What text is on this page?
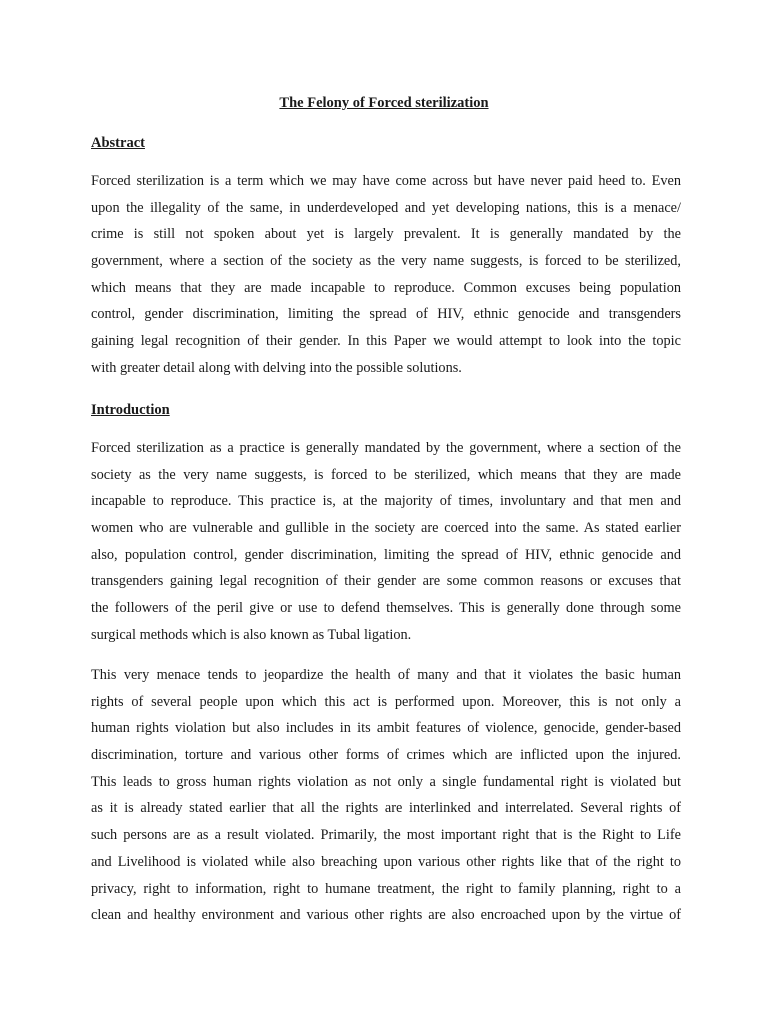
The Felony of Forced sterilization
Abstract
Forced sterilization is a term which we may have come across but have never paid heed to. Even
upon the illegality of the same, in underdeveloped and yet developing nations, this is a menace/
crime is still not spoken about yet is largely prevalent. It is generally mandated by the
government, where a section of the society as the very name suggests, is forced to be sterilized,
which means that they are made incapable to reproduce. Common excuses being population
control, gender discrimination, limiting the spread of HIV, ethnic genocide and transgenders
gaining legal recognition of their gender. In this Paper we would attempt to look into the topic
with greater detail along with delving into the possible solutions.
Introduction
Forced sterilization as a practice is generally mandated by the government, where a section of the
society as the very name suggests, is forced to be sterilized, which means that they are made
incapable to reproduce. This practice is, at the majority of times, involuntary and that men and
women who are vulnerable and gullible in the society are coerced into the same. As stated earlier
also, population control, gender discrimination, limiting the spread of HIV, ethnic genocide and
transgenders gaining legal recognition of their gender are some common reasons or excuses that
the followers of the peril give or use to defend themselves. This is generally done through some
surgical methods which is also known as Tubal ligation.
This very menace tends to jeopardize the health of many and that it violates the basic human
rights of several people upon which this act is performed upon. Moreover, this is not only a
human rights violation but also includes in its ambit features of violence, genocide, gender-based
discrimination, torture and various other forms of crimes which are inflicted upon the injured.
This leads to gross human rights violation as not only a single fundamental right is violated but
as it is already stated earlier that all the rights are interlinked and interrelated. Several rights of
such persons are as a result violated. Primarily, the most important right that is the Right to Life
and Livelihood is violated while also breaching upon various other rights like that of the right to
privacy, right to information, right to humane treatment, the right to family planning, right to a
clean and healthy environment and various other rights are also encroached upon by the virtue of
